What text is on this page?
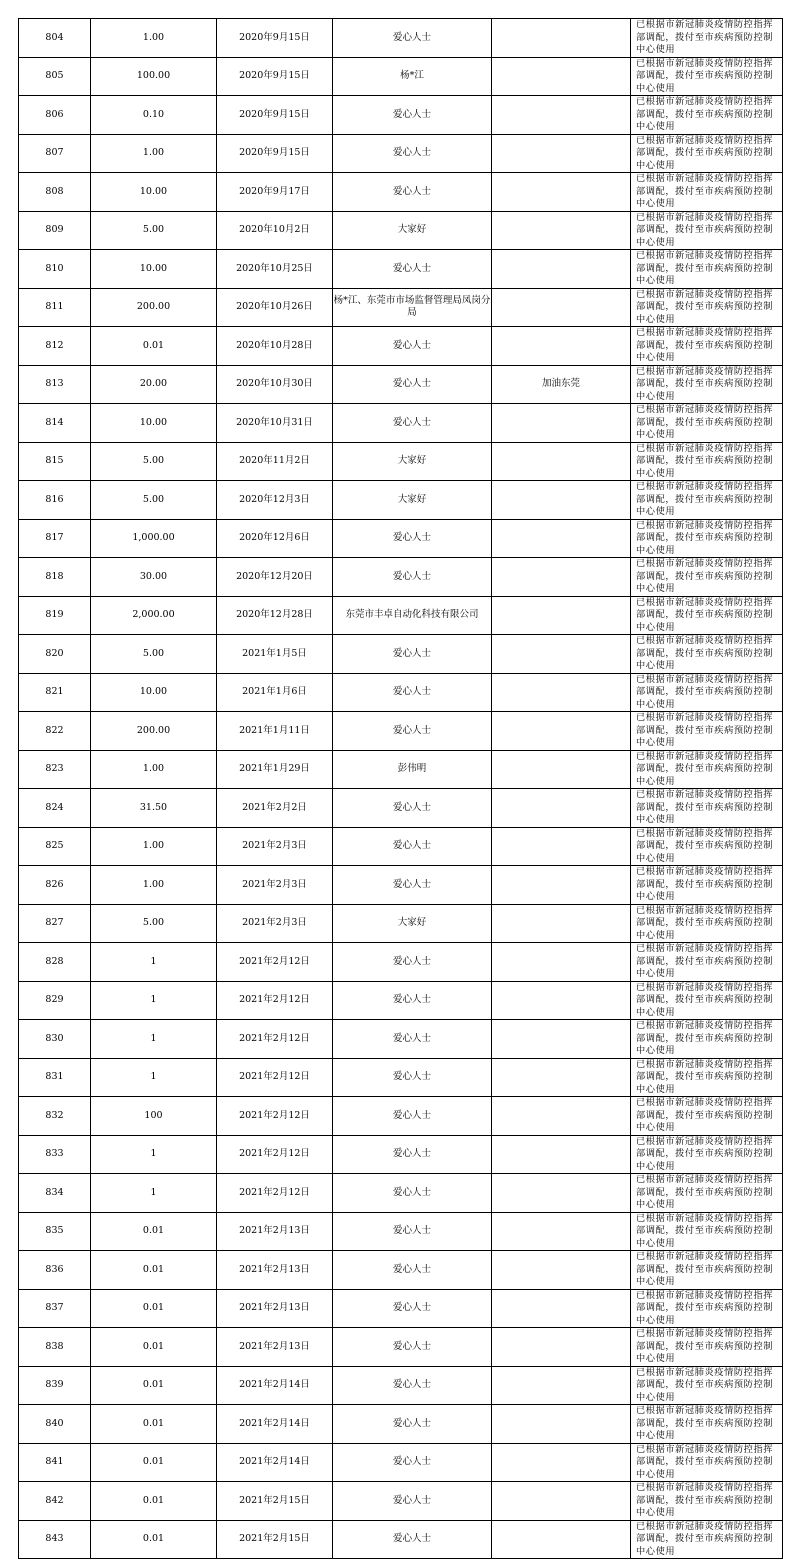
804	1.00	2020年9月15日	爱心人士		已根据市新冠肺炎疫情防控指挥部调配，拨付至市疾病预防控制中心使用
805	100.00	2020年9月15日	杨*江		已根据市新冠肺炎疫情防控指挥部调配，拨付至市疾病预防控制中心使用
806	0.10	2020年9月15日	爱心人士		已根据市新冠肺炎疫情防控指挥部调配，拨付至市疾病预防控制中心使用
807	1.00	2020年9月15日	爱心人士		已根据市新冠肺炎疫情防控指挥部调配，拨付至市疾病预防控制中心使用
808	10.00	2020年9月17日	爱心人士		已根据市新冠肺炎疫情防控指挥部调配，拨付至市疾病预防控制中心使用
809	5.00	2020年10月2日	大家好		已根据市新冠肺炎疫情防控指挥部调配，拨付至市疾病预防控制中心使用
810	10.00	2020年10月25日	爱心人士		已根据市新冠肺炎疫情防控指挥部调配，拨付至市疾病预防控制中心使用
811	200.00	2020年10月26日	杨*江、东莞市市场监督管理局凤岗分局		已根据市新冠肺炎疫情防控指挥部调配，拨付至市疾病预防控制中心使用
812	0.01	2020年10月28日	爱心人士		已根据市新冠肺炎疫情防控指挥部调配，拨付至市疾病预防控制中心使用
813	20.00	2020年10月30日	爱心人士	加油东莞	已根据市新冠肺炎疫情防控指挥部调配，拨付至市疾病预防控制中心使用
814	10.00	2020年10月31日	爱心人士		已根据市新冠肺炎疫情防控指挥部调配，拨付至市疾病预防控制中心使用
815	5.00	2020年11月2日	大家好		已根据市新冠肺炎疫情防控指挥部调配，拨付至市疾病预防控制中心使用
816	5.00	2020年12月3日	大家好		已根据市新冠肺炎疫情防控指挥部调配，拨付至市疾病预防控制中心使用
817	1,000.00	2020年12月6日	爱心人士		已根据市新冠肺炎疫情防控指挥部调配，拨付至市疾病预防控制中心使用
818	30.00	2020年12月20日	爱心人士		已根据市新冠肺炎疫情防控指挥部调配，拨付至市疾病预防控制中心使用
819	2,000.00	2020年12月28日	东莞市丰卓自动化科技有限公司		已根据市新冠肺炎疫情防控指挥部调配，拨付至市疾病预防控制中心使用
820	5.00	2021年1月5日	爱心人士		已根据市新冠肺炎疫情防控指挥部调配，拨付至市疾病预防控制中心使用
821	10.00	2021年1月6日	爱心人士		已根据市新冠肺炎疫情防控指挥部调配，拨付至市疾病预防控制中心使用
822	200.00	2021年1月11日	爱心人士		已根据市新冠肺炎疫情防控指挥部调配，拨付至市疾病预防控制中心使用
823	1.00	2021年1月29日	彭伟明		已根据市新冠肺炎疫情防控指挥部调配，拨付至市疾病预防控制中心使用
824	31.50	2021年2月2日	爱心人士		已根据市新冠肺炎疫情防控指挥部调配，拨付至市疾病预防控制中心使用
825	1.00	2021年2月3日	爱心人士		已根据市新冠肺炎疫情防控指挥部调配，拨付至市疾病预防控制中心使用
826	1.00	2021年2月3日	爱心人士		已根据市新冠肺炎疫情防控指挥部调配，拨付至市疾病预防控制中心使用
827	5.00	2021年2月3日	大家好		已根据市新冠肺炎疫情防控指挥部调配，拨付至市疾病预防控制中心使用
828	1	2021年2月12日	爱心人士		已根据市新冠肺炎疫情防控指挥部调配，拨付至市疾病预防控制中心使用
829	1	2021年2月12日	爱心人士		已根据市新冠肺炎疫情防控指挥部调配，拨付至市疾病预防控制中心使用
830	1	2021年2月12日	爱心人士		已根据市新冠肺炎疫情防控指挥部调配，拨付至市疾病预防控制中心使用
831	1	2021年2月12日	爱心人士		已根据市新冠肺炎疫情防控指挥部调配，拨付至市疾病预防控制中心使用
832	100	2021年2月12日	爱心人士		已根据市新冠肺炎疫情防控指挥部调配，拨付至市疾病预防控制中心使用
833	1	2021年2月12日	爱心人士		已根据市新冠肺炎疫情防控指挥部调配，拨付至市疾病预防控制中心使用
834	1	2021年2月12日	爱心人士		已根据市新冠肺炎疫情防控指挥部调配，拨付至市疾病预防控制中心使用
835	0.01	2021年2月13日	爱心人士		已根据市新冠肺炎疫情防控指挥部调配，拨付至市疾病预防控制中心使用
836	0.01	2021年2月13日	爱心人士		已根据市新冠肺炎疫情防控指挥部调配，拨付至市疾病预防控制中心使用
837	0.01	2021年2月13日	爱心人士		已根据市新冠肺炎疫情防控指挥部调配，拨付至市疾病预防控制中心使用
838	0.01	2021年2月13日	爱心人士		已根据市新冠肺炎疫情防控指挥部调配，拨付至市疾病预防控制中心使用
839	0.01	2021年2月14日	爱心人士		已根据市新冠肺炎疫情防控指挥部调配，拨付至市疾病预防控制中心使用
840	0.01	2021年2月14日	爱心人士		已根据市新冠肺炎疫情防控指挥部调配，拨付至市疾病预防控制中心使用
841	0.01	2021年2月14日	爱心人士		已根据市新冠肺炎疫情防控指挥部调配，拨付至市疾病预防控制中心使用
842	0.01	2021年2月15日	爱心人士		已根据市新冠肺炎疫情防控指挥部调配，拨付至市疾病预防控制中心使用
843	0.01	2021年2月15日	爱心人士		已根据市新冠肺炎疫情防控指挥部调配，拨付至市疾病预防控制中心使用
